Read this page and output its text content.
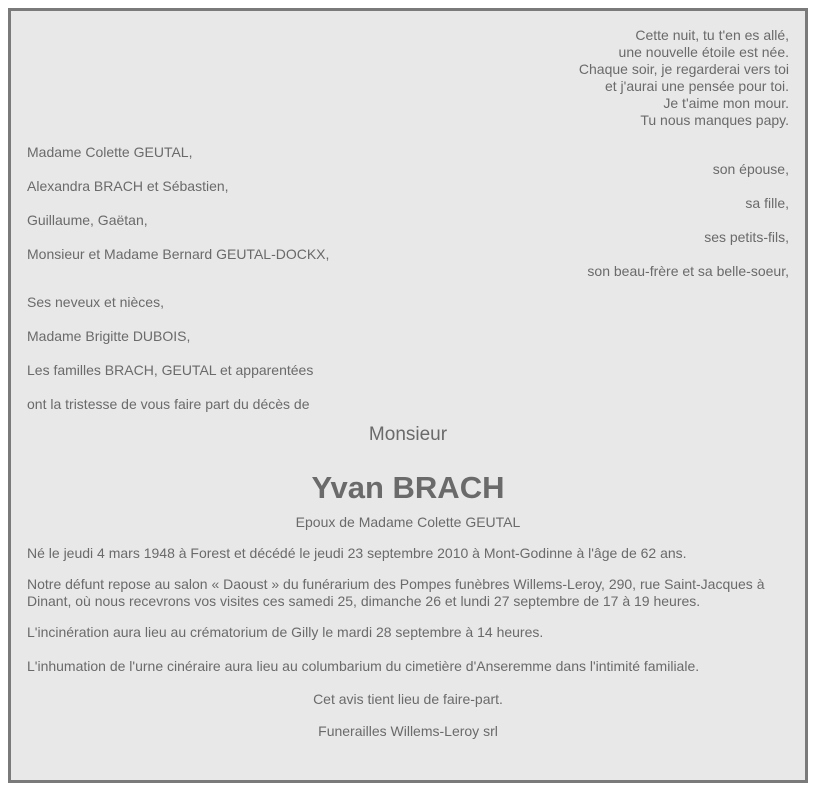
Cette nuit, tu t'en es allé,
une nouvelle étoile est née.
Chaque soir, je regarderai vers toi
et j'aurai une pensée pour toi.
Je t'aime mon mour.
Tu nous manques papy.
Madame Colette GEUTAL,
son épouse,
Alexandra BRACH et Sébastien,
sa fille,
Guillaume, Gaëtan,
ses petits-fils,
Monsieur et Madame Bernard GEUTAL-DOCKX,
son beau-frère et sa belle-soeur,
Ses neveux et nièces,
Madame Brigitte DUBOIS,
Les familles BRACH, GEUTAL et apparentées
ont la tristesse de vous faire part du décès de
Monsieur
Yvan BRACH
Epoux de Madame Colette GEUTAL

Né le jeudi 4 mars 1948 à Forest et décédé le jeudi 23 septembre 2010 à Mont-Godinne à l'âge de 62 ans.

Notre défunt repose au salon « Daoust » du funérarium des Pompes funèbres Willems-Leroy, 290, rue Saint-Jacques à Dinant, où nous recevrons vos visites ces samedi 25, dimanche 26 et lundi 27 septembre de 17 à 19 heures.

L'incinération aura lieu au crématorium de Gilly le mardi 28 septembre à 14 heures.

L'inhumation de l'urne cinéraire aura lieu au columbarium du cimetière d'Anseremme dans l'intimité familiale.

Cet avis tient lieu de faire-part.
Funerailles Willems-Leroy srl
